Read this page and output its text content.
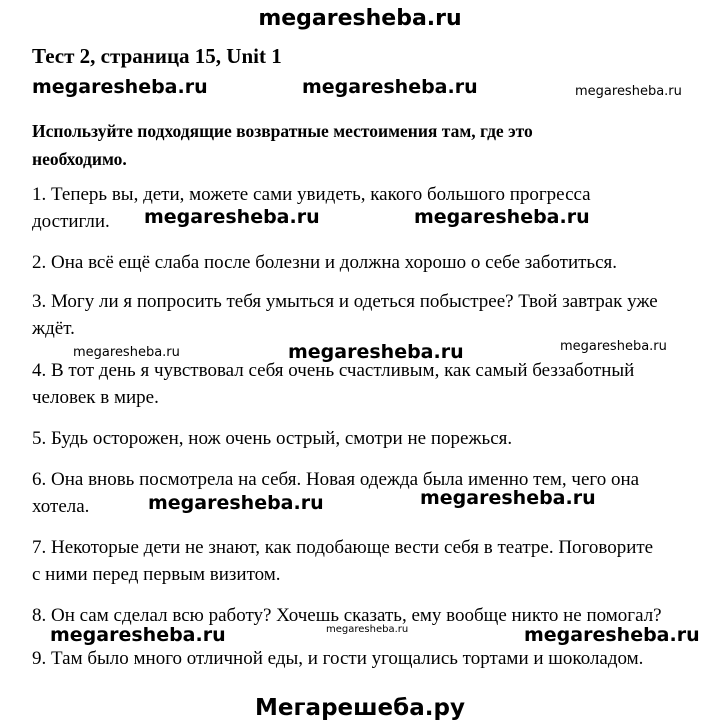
megaresheba.ru
Тест 2, страница 15, Unit 1
megaresheba.ru	megaresheba.ru	megaresheba.ru
Используйте подходящие возвратные местоимения там, где это
необходимо.
1. Теперь вы, дети, можете сами увидеть, какого большого прогресса
достигли.	megaresheba.ru	megaresheba.ru
2. Она всё ещё слаба после болезни и должна хорошо о себе заботиться.
3. Могу ли я попросить тебя умыться и одеться побыстрее? Твой завтрак уже
ждёт.
megaresheba.ru	megaresheba.ru	megaresheba.ru
4. В тот день я чувствовал себя очень счастливым, как самый беззаботный
человек в мире.
5. Будь осторожен, нож очень острый, смотри не порежься.
6. Она вновь посмотрела на себя. Новая одежда была именно тем, чего она
хотела.	megaresheba.ru	megaresheba.ru
7. Некоторые дети не знают, как подобающе вести себя в театре. Поговорите
с ними перед первым визитом.
8. Он сам сделал всю работу? Хочешь сказать, ему вообще никто не помогал?
megaresheba.ru	megaresheba.ru	megaresheba.ru
9. Там было много отличной еды, и гости угощались тортами и шоколадом.
Мегарешеба.ру
